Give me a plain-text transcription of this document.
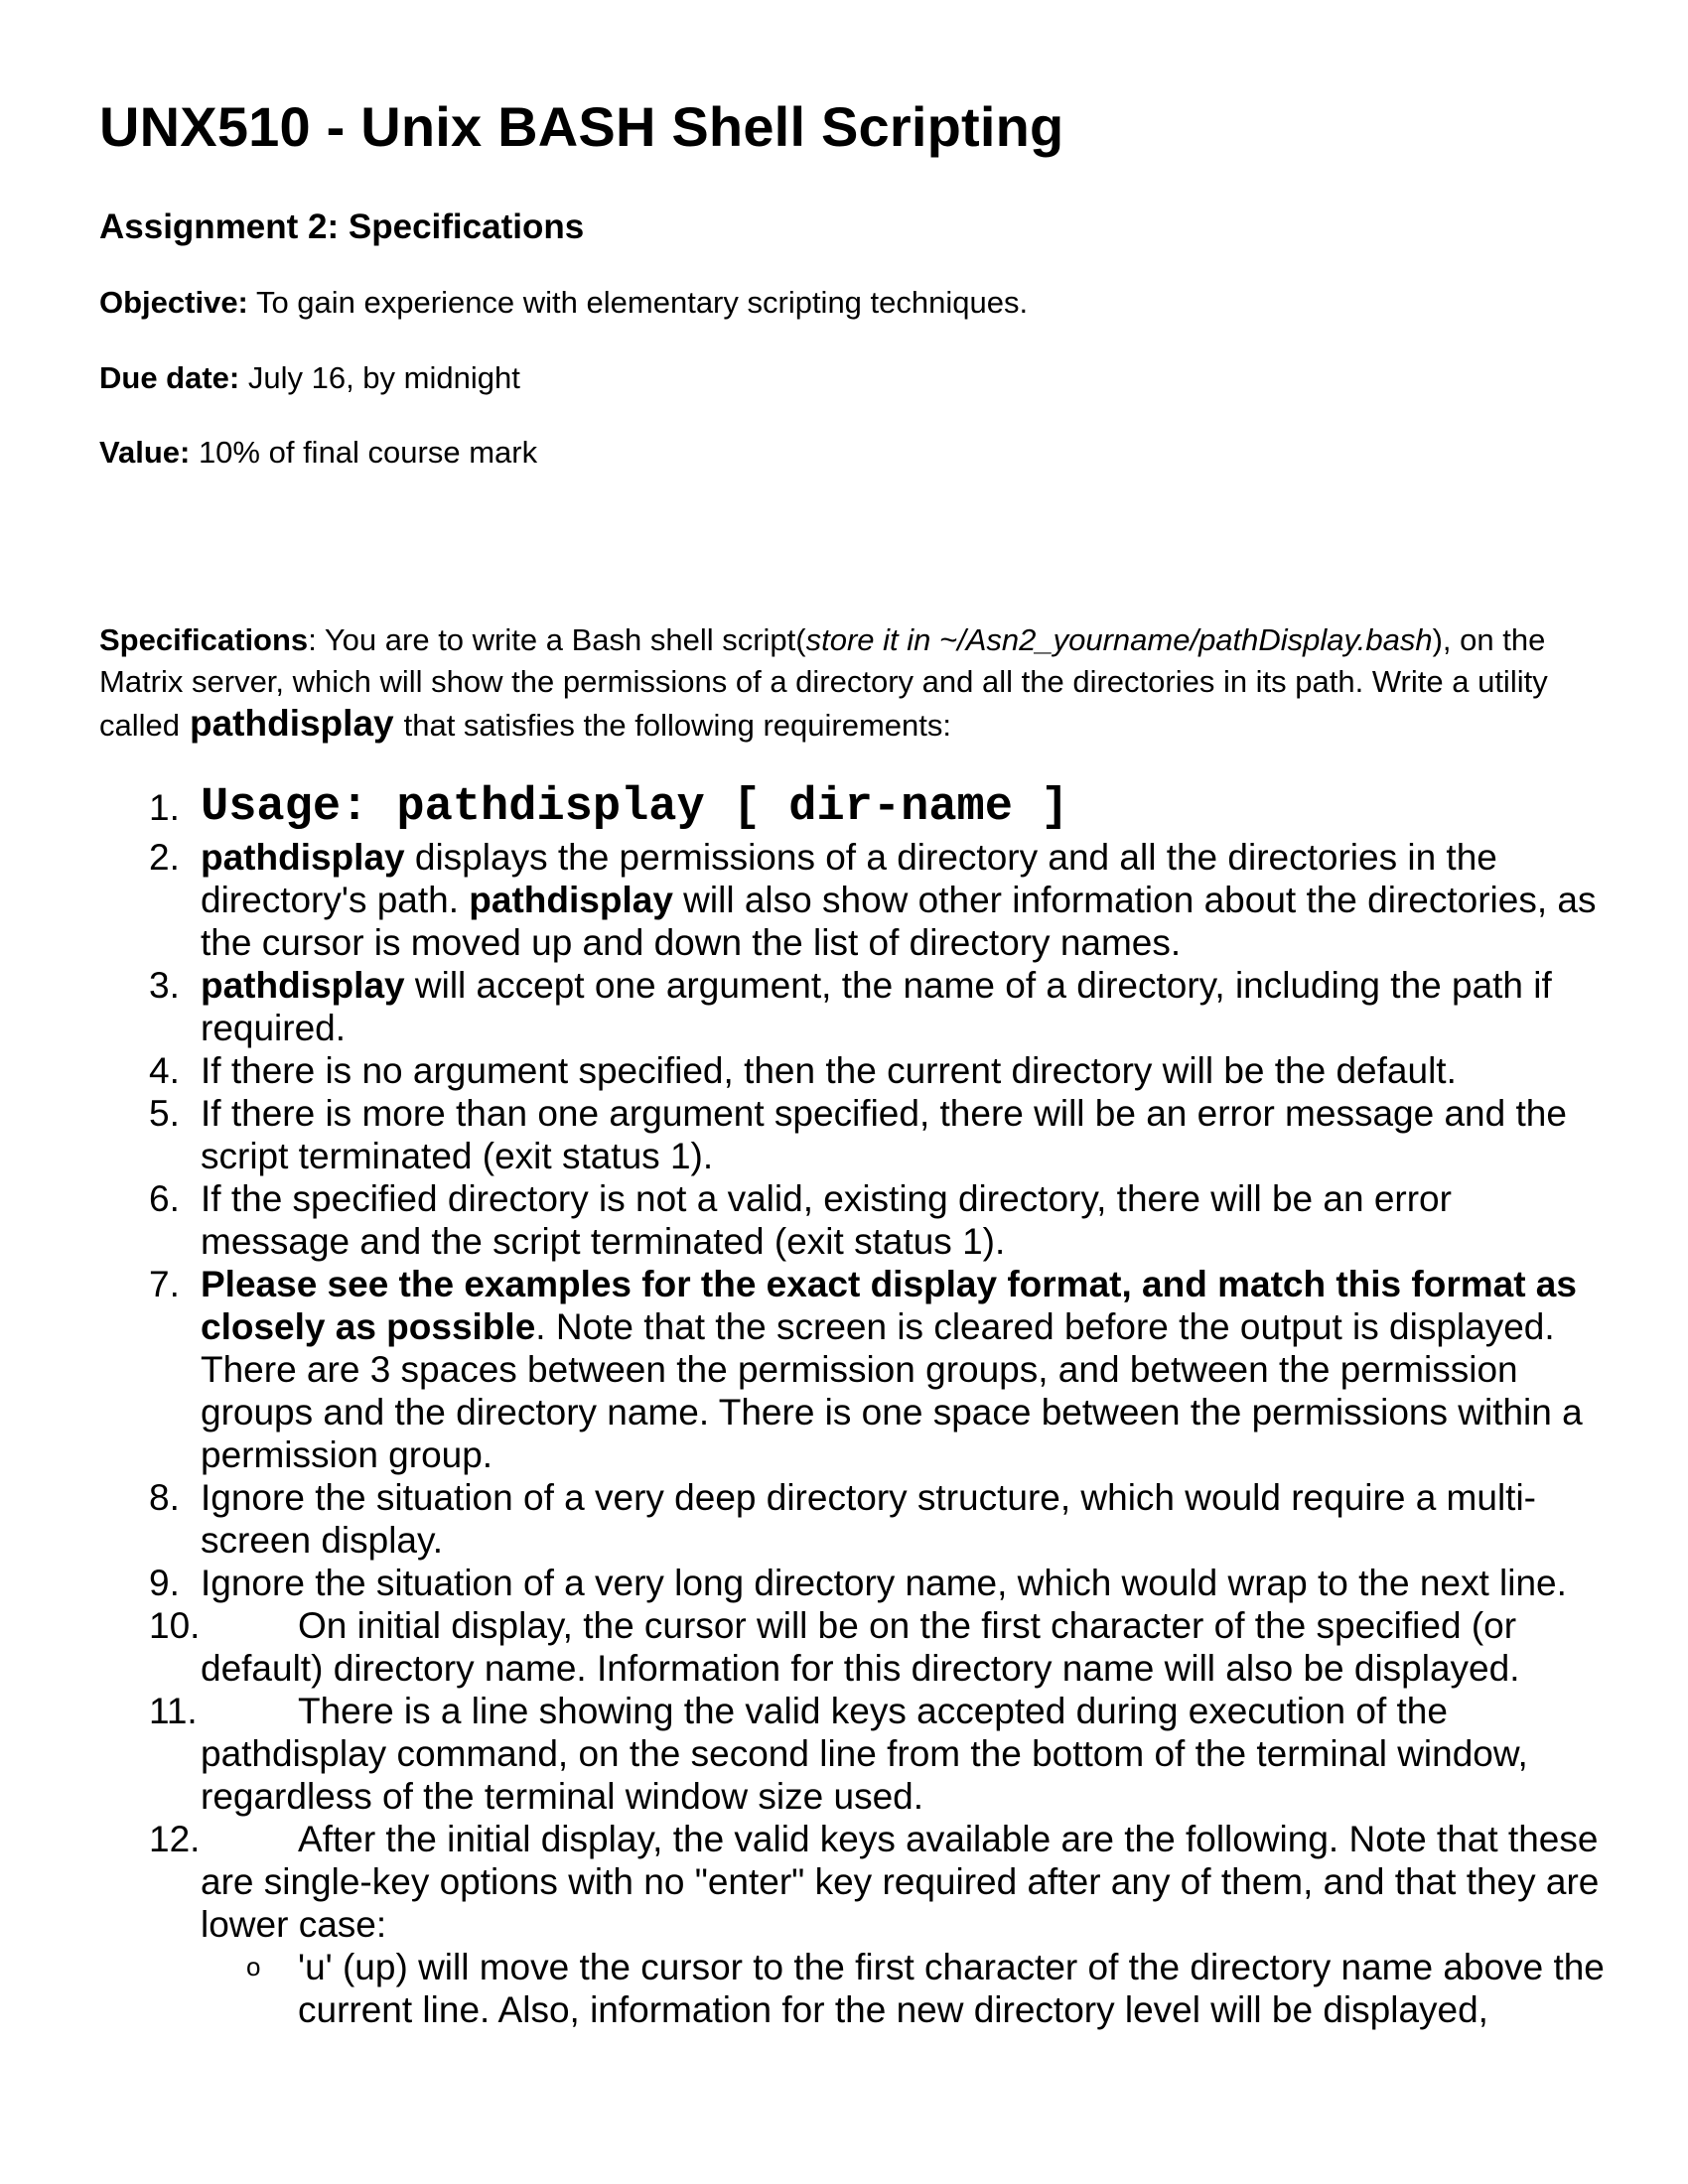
UNX510 - Unix BASH Shell Scripting
Assignment 2: Specifications

Objective: To gain experience with elementary scripting techniques.

Due date: July 16, by midnight

Value: 10% of final course mark

Specifications: You are to write a Bash shell script(store it in ~/Asn2_yourname/pathDisplay.bash), on the Matrix server, which will show the permissions of a directory and all the directories in its path. Write a utility called pathdisplay that satisfies the following requirements:

1. Usage: pathdisplay [ dir-name ]
2. pathdisplay displays the permissions of a directory and all the directories in the directory's path. pathdisplay will also show other information about the directories, as the cursor is moved up and down the list of directory names.
3. pathdisplay will accept one argument, the name of a directory, including the path if required.
4. If there is no argument specified, then the current directory will be the default.
5. If there is more than one argument specified, there will be an error message and the script terminated (exit status 1).
6. If the specified directory is not a valid, existing directory, there will be an error message and the script terminated (exit status 1).
7. Please see the examples for the exact display format, and match this format as closely as possible. Note that the screen is cleared before the output is displayed. There are 3 spaces between the permission groups, and between the permission groups and the directory name. There is one space between the permissions within a permission group.
8. Ignore the situation of a very deep directory structure, which would require a multi-screen display.
9. Ignore the situation of a very long directory name, which would wrap to the next line.
10.	On initial display, the cursor will be on the first character of the specified (or default) directory name. Information for this directory name will also be displayed.
11.	There is a line showing the valid keys accepted during execution of the pathdisplay command, on the second line from the bottom of the terminal window, regardless of the terminal window size used.
12.	After the initial display, the valid keys available are the following. Note that these are single-key options with no "enter" key required after any of them, and that they are lower case:
o 'u' (up) will move the cursor to the first character of the directory name above the current line. Also, information for the new directory level will be displayed,
